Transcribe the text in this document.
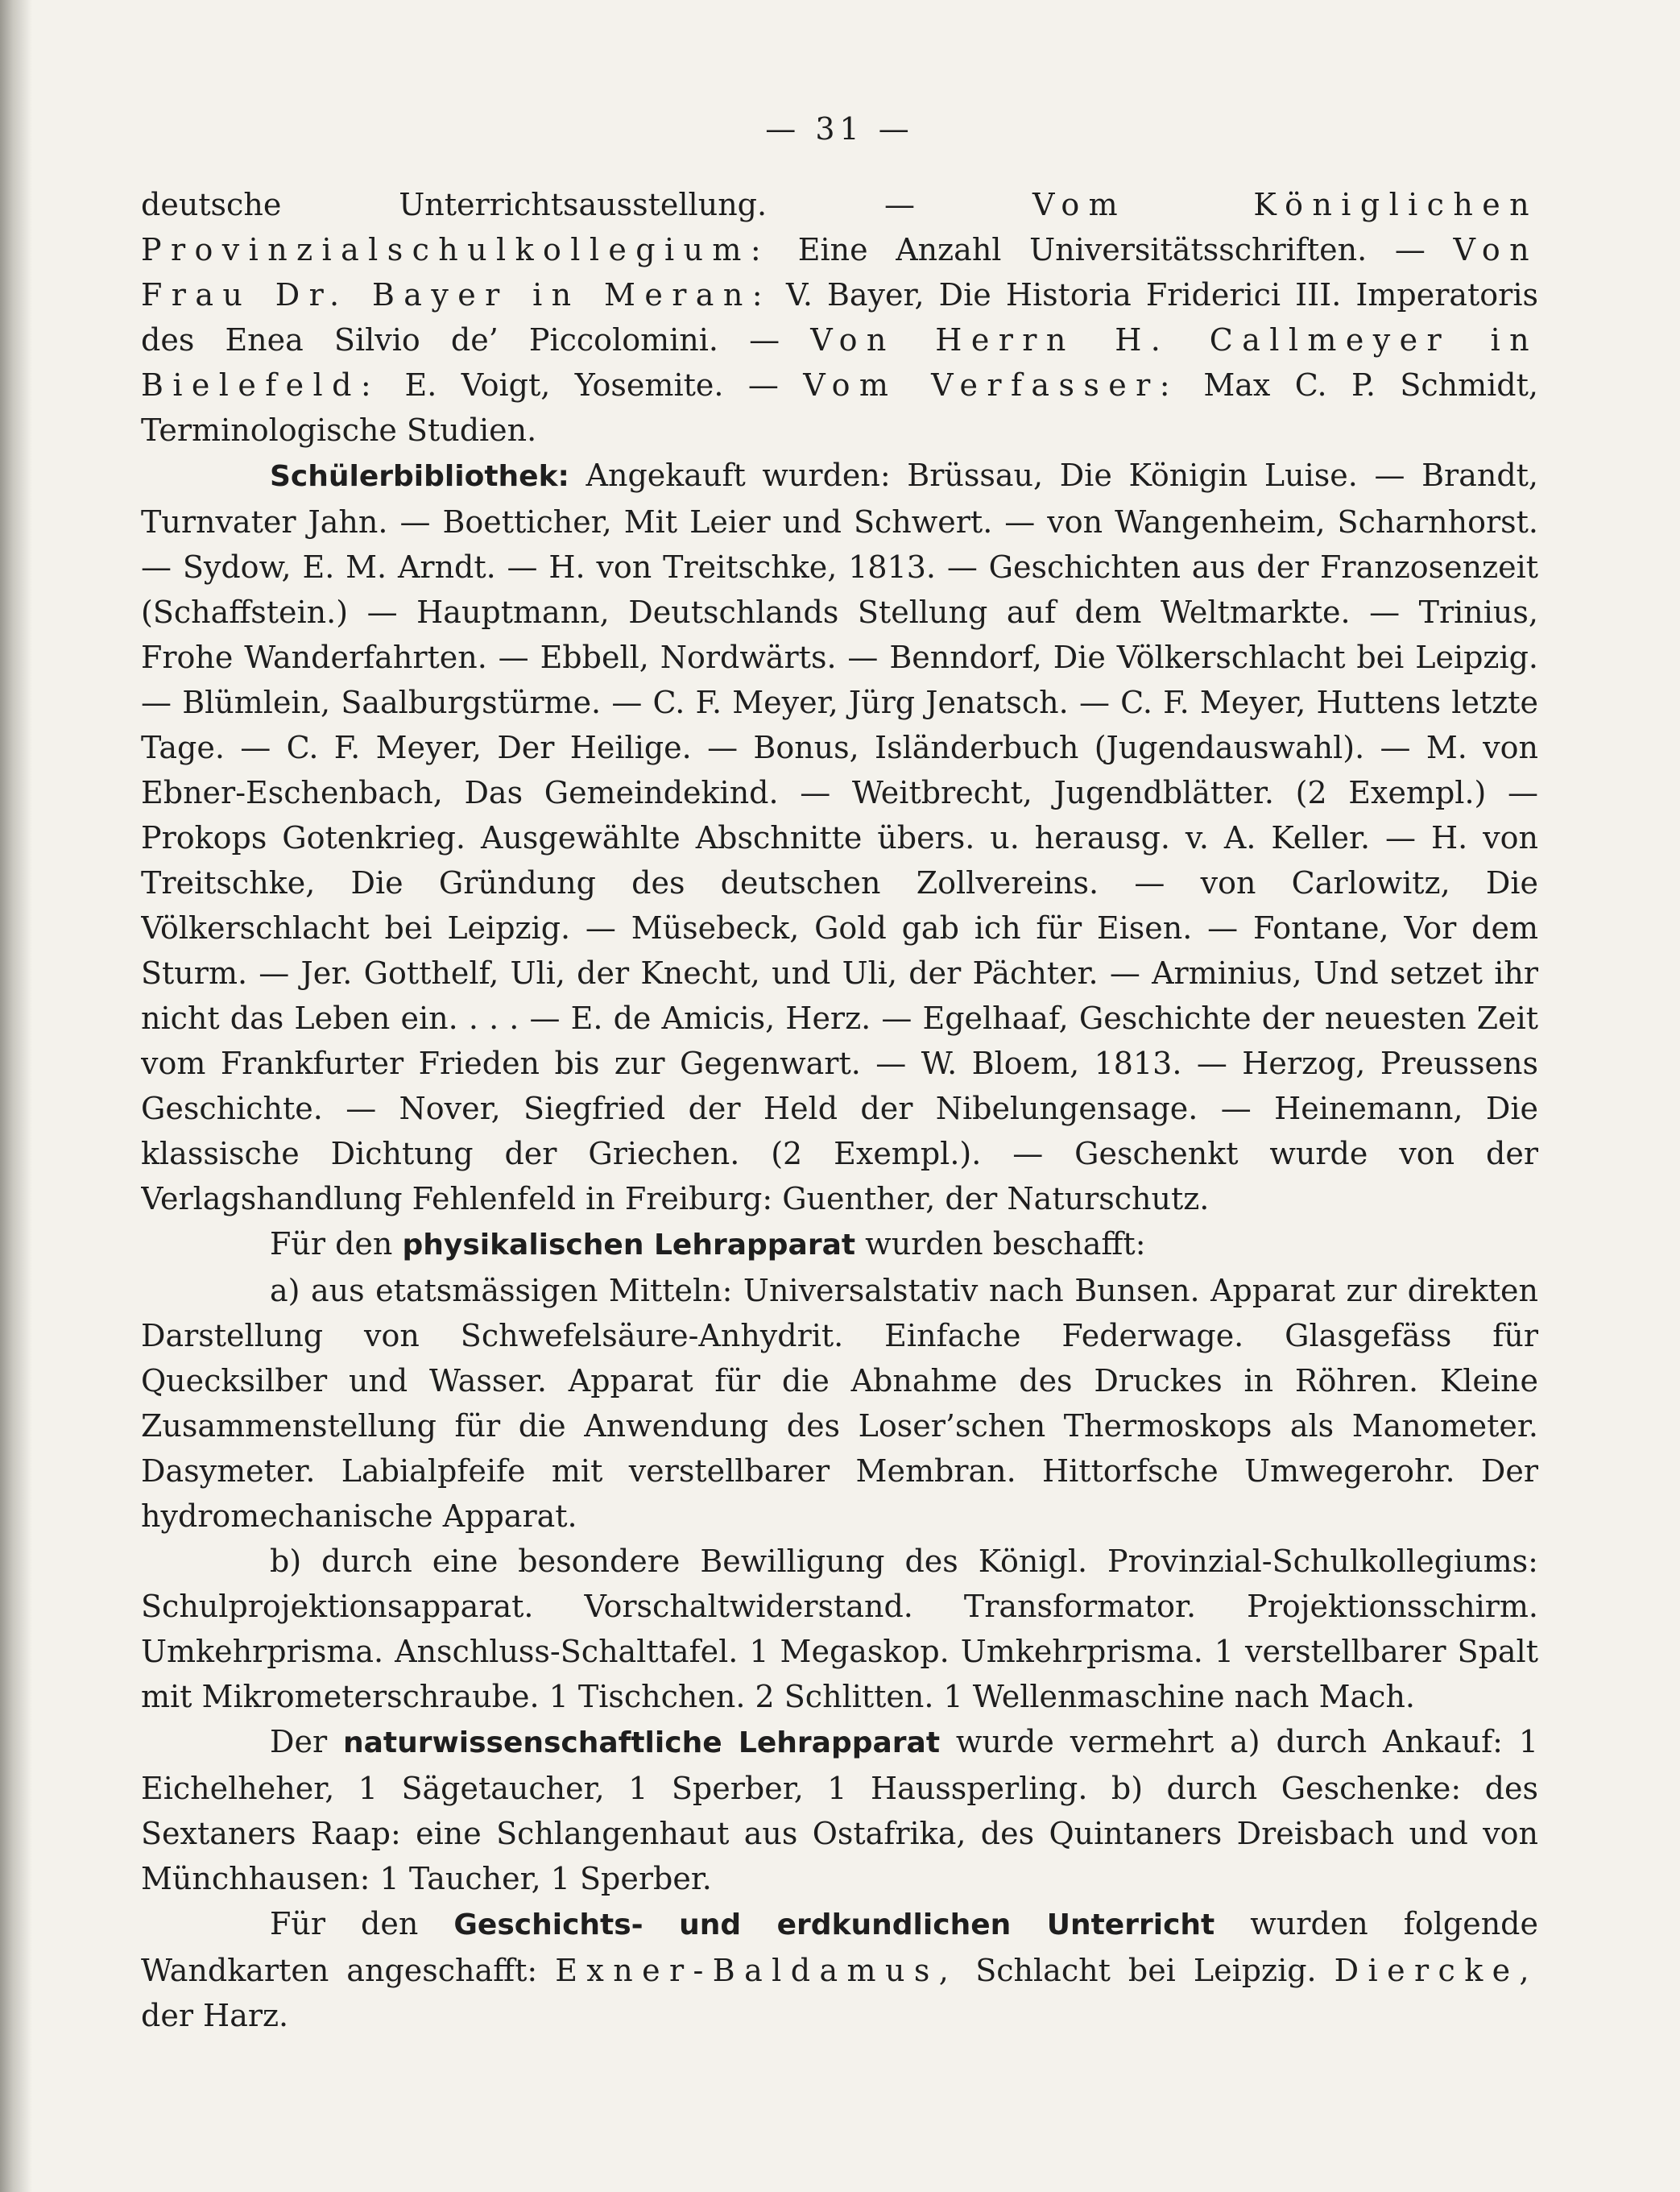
— 31 —

deutsche Unterrichtsausstellung. — Vom Königlichen Provinzialschulkollegium: Eine Anzahl Universitätsschriften. — Von Frau Dr. Bayer in Meran: V. Bayer, Die Historia Friderici III. Imperatoris des Enea Silvio de’ Piccolomini. — Von Herrn H. Callmeyer in Bielefeld: E. Voigt, Yosemite. — Vom Verfasser: Max C. P. Schmidt, Terminologische Studien.

Schülerbibliothek: Angekauft wurden: Brüssau, Die Königin Luise. — Brandt, Turnvater Jahn. — Boetticher, Mit Leier und Schwert. — von Wangenheim, Scharnhorst. — Sydow, E. M. Arndt. — H. von Treitschke, 1813. — Geschichten aus der Franzosenzeit (Schaffstein.) — Hauptmann, Deutschlands Stellung auf dem Weltmarkte. — Trinius, Frohe Wanderfahrten. — Ebbell, Nordwärts. — Benndorf, Die Völkerschlacht bei Leipzig. — Blümlein, Saalburgstürme. — C. F. Meyer, Jürg Jenatsch. — C. F. Meyer, Huttens letzte Tage. — C. F. Meyer, Der Heilige. — Bonus, Isländerbuch (Jugendauswahl). — M. von Ebner-Eschenbach, Das Gemeindekind. — Weitbrecht, Jugendblätter. (2 Exempl.) — Prokops Gotenkrieg. Ausgewählte Abschnitte übers. u. herausg. v. A. Keller. — H. von Treitschke, Die Gründung des deutschen Zollvereins. — von Carlowitz, Die Völkerschlacht bei Leipzig. — Müsebeck, Gold gab ich für Eisen. — Fontane, Vor dem Sturm. — Jer. Gotthelf, Uli, der Knecht, und Uli, der Pächter. — Arminius, Und setzet ihr nicht das Leben ein. . . . — E. de Amicis, Herz. — Egelhaaf, Geschichte der neuesten Zeit vom Frankfurter Frieden bis zur Gegenwart. — W. Bloem, 1813. — Herzog, Preussens Geschichte. — Nover, Siegfried der Held der Nibelungensage. — Heinemann, Die klassische Dichtung der Griechen. (2 Exempl.). — Geschenkt wurde von der Verlagshandlung Fehlenfeld in Freiburg: Guenther, der Naturschutz.

Für den physikalischen Lehrapparat wurden beschafft:

a) aus etatsmässigen Mitteln: Universalstativ nach Bunsen. Apparat zur direkten Darstellung von Schwefelsäure-Anhydrit. Einfache Federwage. Glasgefäss für Quecksilber und Wasser. Apparat für die Abnahme des Druckes in Röhren. Kleine Zusammenstellung für die Anwendung des Loser’schen Thermoskops als Manometer. Dasymeter. Labialpfeife mit verstellbarer Membran. Hittorfsche Umwegerohr. Der hydromechanische Apparat.

b) durch eine besondere Bewilligung des Königl. Provinzial-Schulkollegiums: Schulprojektionsapparat. Vorschaltwiderstand. Transformator. Projektionsschirm. Umkehrprisma. Anschluss-Schalttafel. 1 Megaskop. Umkehrprisma. 1 verstellbarer Spalt mit Mikrometerschraube. 1 Tischchen. 2 Schlitten. 1 Wellenmaschine nach Mach.

Der naturwissenschaftliche Lehrapparat wurde vermehrt a) durch Ankauf: 1 Eichelheher, 1 Sägetaucher, 1 Sperber, 1 Haussperling. b) durch Geschenke: des Sextaners Raap: eine Schlangenhaut aus Ostafrika, des Quintaners Dreisbach und von Münchhausen: 1 Taucher, 1 Sperber.

Für den Geschichts- und erdkundlichen Unterricht wurden folgende Wandkarten angeschafft: Exner-Baldamus, Schlacht bei Leipzig. Diercke, der Harz.
